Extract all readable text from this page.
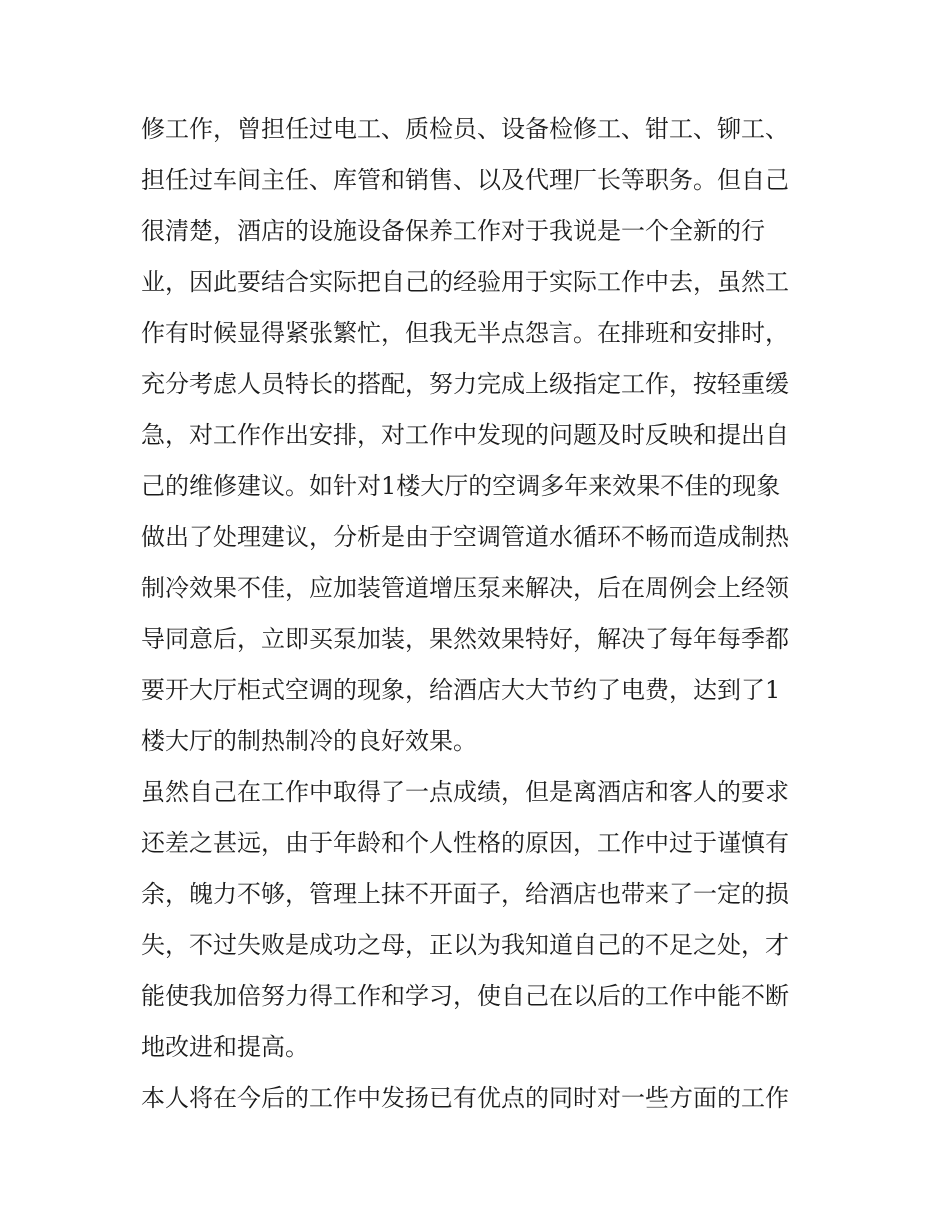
修工作，曾担任过电工、质检员、设备检修工、钳工、铆工、
担任过车间主任、库管和销售、以及代理厂长等职务。但自己
很清楚，酒店的设施设备保养工作对于我说是一个全新的行
业，因此要结合实际把自己的经验用于实际工作中去，虽然工
作有时候显得紧张繁忙，但我无半点怨言。在排班和安排时，
充分考虑人员特长的搭配，努力完成上级指定工作，按轻重缓
急，对工作作出安排，对工作中发现的问题及时反映和提出自
己的维修建议。如针对1楼大厅的空调多年来效果不佳的现象
做出了处理建议，分析是由于空调管道水循环不畅而造成制热
制冷效果不佳，应加装管道增压泵来解决，后在周例会上经领
导同意后，立即买泵加装，果然效果特好，解决了每年每季都
要开大厅柜式空调的现象，给酒店大大节约了电费，达到了1
楼大厅的制热制冷的良好效果。
虽然自己在工作中取得了一点成绩，但是离酒店和客人的要求
还差之甚远，由于年龄和个人性格的原因，工作中过于谨慎有
余，魄力不够，管理上抹不开面子，给酒店也带来了一定的损
失，不过失败是成功之母，正以为我知道自己的不足之处，才
能使我加倍努力得工作和学习，使自己在以后的工作中能不断
地改进和提高。
本人将在今后的工作中发扬已有优点的同时对一些方面的工作
